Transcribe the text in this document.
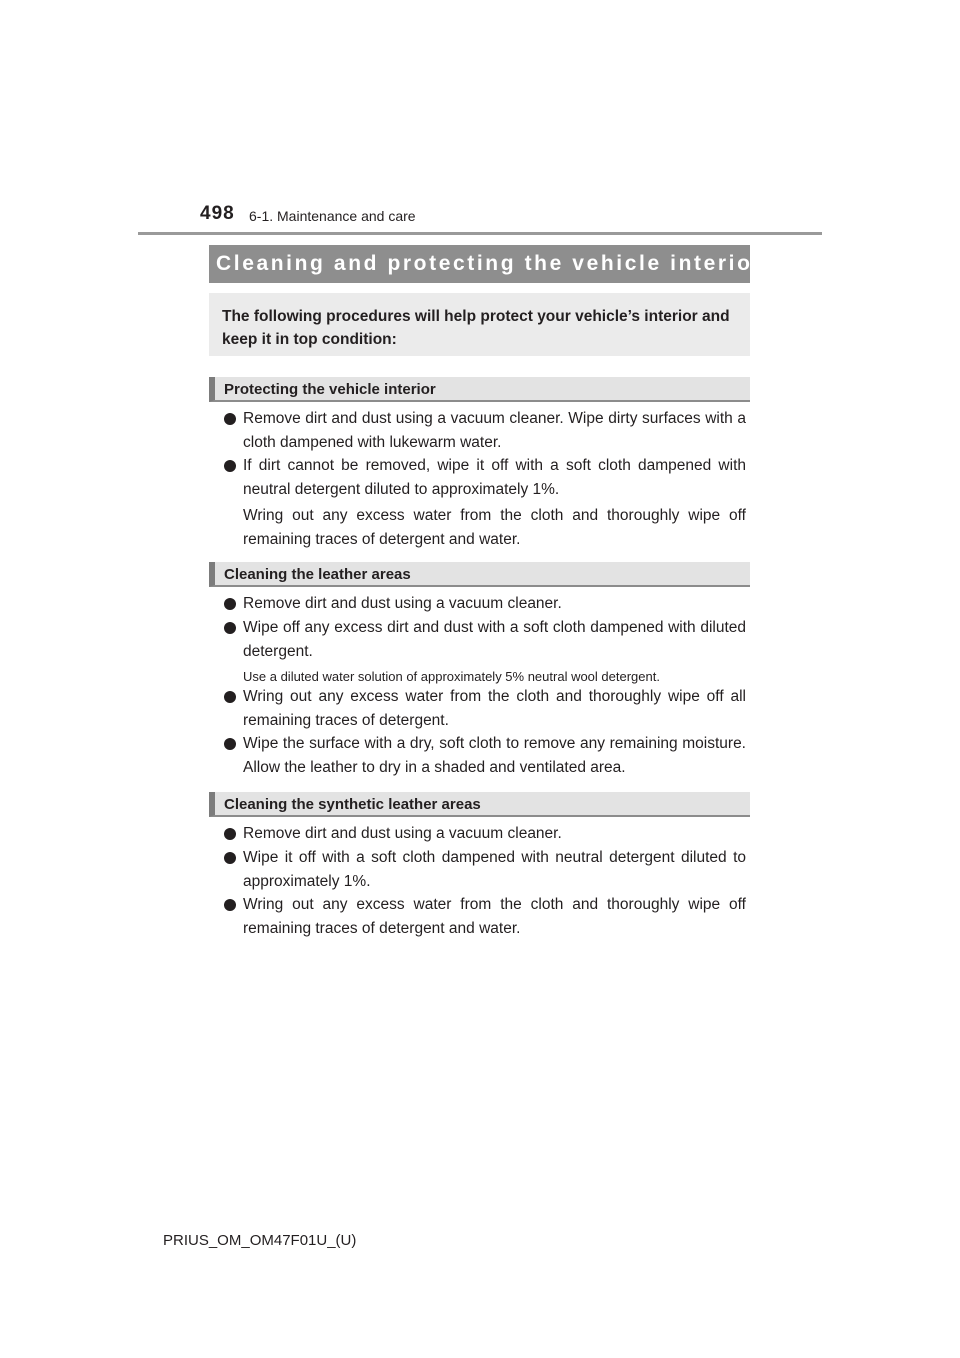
498 6-1. Maintenance and care
Cleaning and protecting the vehicle interior
The following procedures will help protect your vehicle’s interior and keep it in top condition:
Protecting the vehicle interior
Remove dirt and dust using a vacuum cleaner. Wipe dirty surfaces with a cloth dampened with lukewarm water.
If dirt cannot be removed, wipe it off with a soft cloth dampened with neutral detergent diluted to approximately 1%.
Wring out any excess water from the cloth and thoroughly wipe off remaining traces of detergent and water.
Cleaning the leather areas
Remove dirt and dust using a vacuum cleaner.
Wipe off any excess dirt and dust with a soft cloth dampened with diluted detergent.
Use a diluted water solution of approximately 5% neutral wool detergent.
Wring out any excess water from the cloth and thoroughly wipe off all remaining traces of detergent.
Wipe the surface with a dry, soft cloth to remove any remaining moisture. Allow the leather to dry in a shaded and ventilated area.
Cleaning the synthetic leather areas
Remove dirt and dust using a vacuum cleaner.
Wipe it off with a soft cloth dampened with neutral detergent diluted to approximately 1%.
Wring out any excess water from the cloth and thoroughly wipe off remaining traces of detergent and water.
PRIUS_OM_OM47F01U_(U)
